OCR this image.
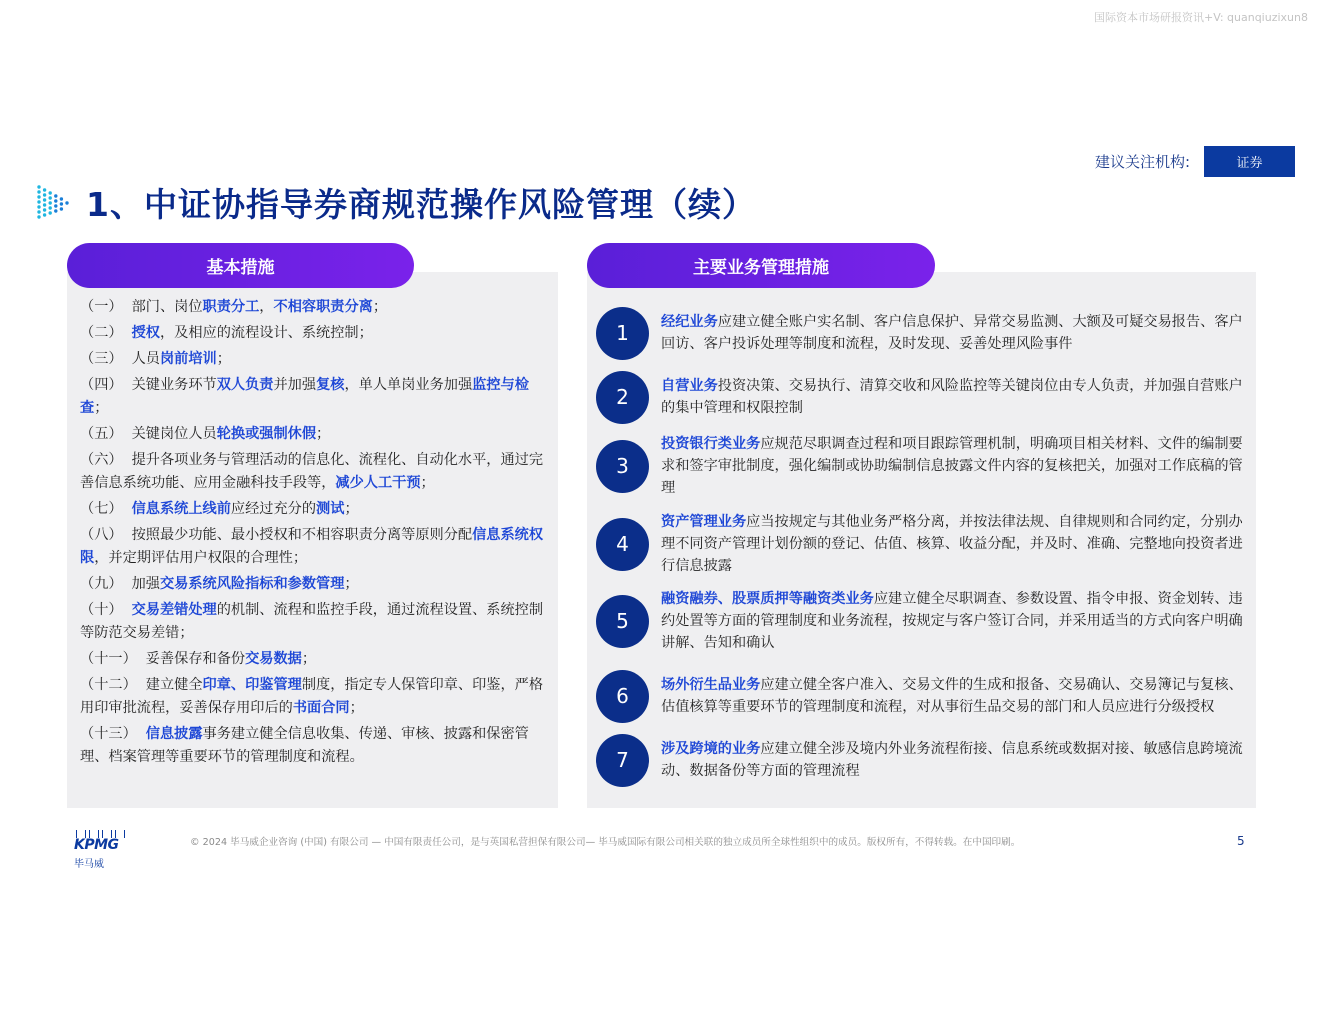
国际资本市场研报资讯+V: quanqiuzixun8
建议关注机构:	证券
1、中证协指导券商规范操作风险管理（续）
基本措施	主要业务管理措施
（一） 部门、岗位职责分工，不相容职责分离；
（二） 授权，及相应的流程设计、系统控制；
（三） 人员岗前培训；
（四） 关键业务环节双人负责并加强复核，单人单岗业务加强监控与检查；
（五） 关键岗位人员轮换或强制休假；
（六） 提升各项业务与管理活动的信息化、流程化、自动化水平，通过完善信息系统功能、应用金融科技手段等，减少人工干预；
（七） 信息系统上线前应经过充分的测试；
（八） 按照最少功能、最小授权和不相容职责分离等原则分配信息系统权限，并定期评估用户权限的合理性；
（九） 加强交易系统风险指标和参数管理；
（十） 交易差错处理的机制、流程和监控手段，通过流程设置、系统控制等防范交易差错；
（十一） 妥善保存和备份交易数据；
（十二） 建立健全印章、印鉴管理制度，指定专人保管印章、印鉴，严格用印审批流程，妥善保存用印后的书面合同；
（十三） 信息披露事务建立健全信息收集、传递、审核、披露和保密管理、档案管理等重要环节的管理制度和流程。
1	经纪业务应建立健全账户实名制、客户信息保护、异常交易监测、大额及可疑交易报告、客户回访、客户投诉处理等制度和流程，及时发现、妥善处理风险事件
2	自营业务投资决策、交易执行、清算交收和风险监控等关键岗位由专人负责，并加强自营账户的集中管理和权限控制
3
投资银行类业务应规范尽职调查过程和项目跟踪管理机制，明确项目相关材料、文件的编制要求和签字审批制度，强化编制或协助编制信息披露文件内容的复核把关，加强对工作底稿的管理
4
资产管理业务应当按规定与其他业务严格分离，并按法律法规、自律规则和合同约定，分别办理不同资产管理计划份额的登记、估值、核算、收益分配，并及时、准确、完整地向投资者进行信息披露
5
融资融券、股票质押等融资类业务应建立健全尽职调查、参数设置、指令申报、资金划转、违约处置等方面的管理制度和业务流程，按规定与客户签订合同，并采用适当的方式向客户明确讲解、告知和确认
6	场外衍生品业务应建立健全客户准入、交易文件的生成和报备、交易确认、交易簿记与复核、估值核算等重要环节的管理制度和流程，对从事衍生品交易的部门和人员应进行分级授权
7	涉及跨境的业务应建立健全涉及境内外业务流程衔接、信息系统或数据对接、敏感信息跨境流动、数据备份等方面的管理流程
KPMG
毕马威
© 2024 毕马威企业咨询 (中国) 有限公司 — 中国有限责任公司，是与英国私营担保有限公司— 毕马威国际有限公司相关联的独立成员所全球性组织中的成员。版权所有，不得转载。在中国印刷。	5
